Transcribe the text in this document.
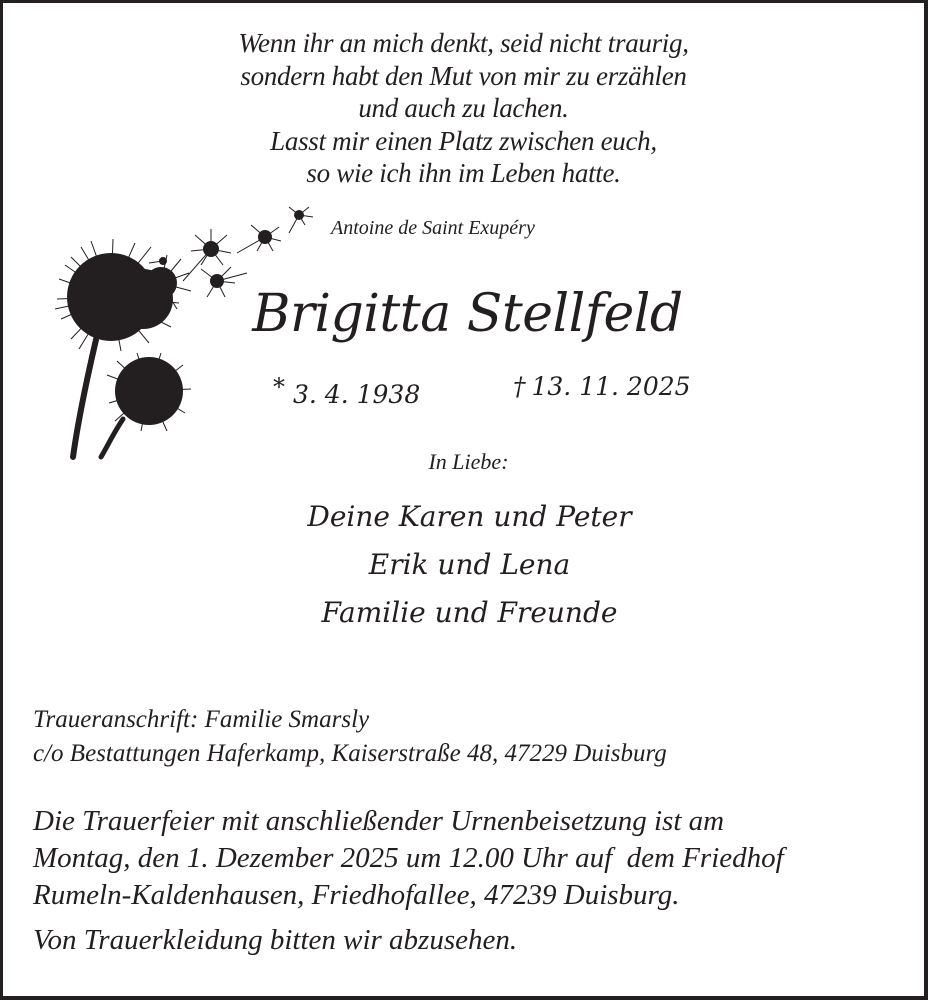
Wenn ihr an mich denkt, seid nicht traurig,
sondern habt den Mut von mir zu erzählen
und auch zu lachen.
Lasst mir einen Platz zwischen euch,
so wie ich ihn im Leben hatte.
Antoine de Saint Exupéry
Brigitta Stellfeld
* 3. 4. 1938	† 13. 11. 2025
In Liebe:
Deine Karen und Peter
Erik und Lena
Familie und Freunde
Traueranschrift: Familie Smarsly
c/o Bestattungen Haferkamp, Kaiserstraße 48, 47229 Duisburg
Die Trauerfeier mit anschließender Urnenbeisetzung ist am
Montag, den 1. Dezember 2025 um 12.00 Uhr auf  dem Friedhof
Rumeln-Kaldenhausen, Friedhofallee, 47239 Duisburg.
Von Trauerkleidung bitten wir abzusehen.
